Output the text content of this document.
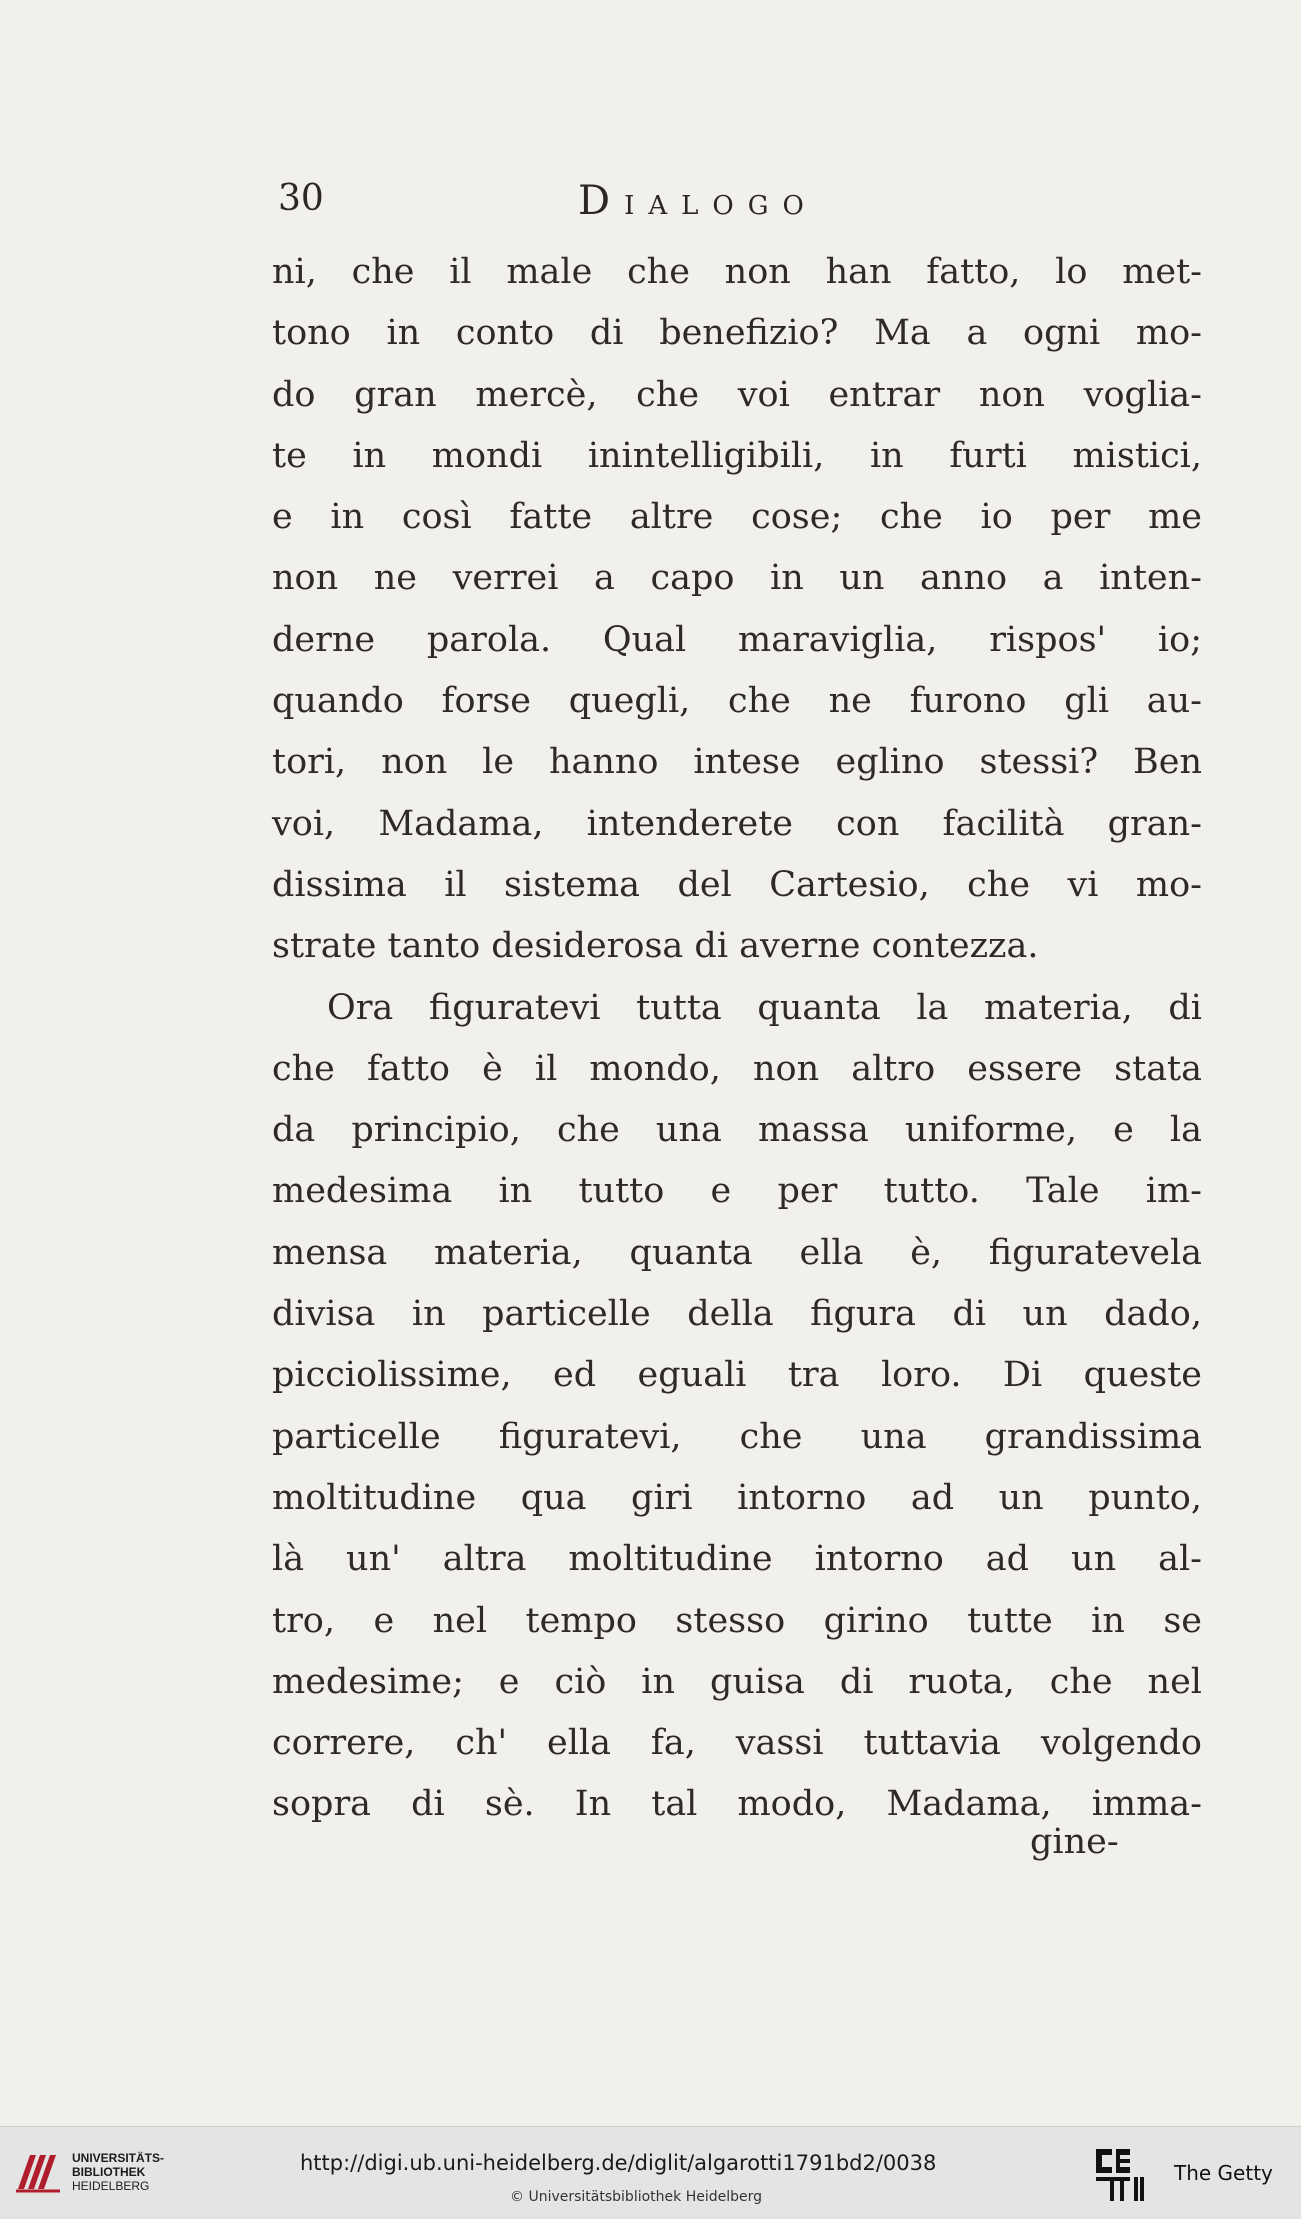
30	DIALOGO
ni, che il male che non han fatto, lo met-
tono in conto di benefizio? Ma a ogni mo-
do gran mercè, che voi entrar non voglia-
te in mondi inintelligibili, in furti mistici,
e in così fatte altre cose; che io per me
non ne verrei a capo in un anno a inten-
derne parola. Qual maraviglia, rispos' io;
quando forse quegli, che ne furono gli au-
tori, non le hanno intese eglino stessi? Ben
voi, Madama, intenderete con facilità gran-
dissima il sistema del Cartesio, che vi mo-
strate tanto desiderosa di averne contezza.
Ora figuratevi tutta quanta la materia, di
che fatto è il mondo, non altro essere stata
da principio, che una massa uniforme, e la
medesima in tutto e per tutto. Tale im-
mensa materia, quanta ella è, figuratevela
divisa in particelle della figura di un dado,
picciolissime, ed eguali tra loro. Di queste
particelle figuratevi, che una grandissima
moltitudine qua giri intorno ad un punto,
là un' altra moltitudine intorno ad un al-
tro, e nel tempo stesso girino tutte in se
medesime; e ciò in guisa di ruota, che nel
correre, ch' ella fa, vassi tuttavia volgendo
sopra di sè. In tal modo, Madama, imma-
gine-
UNIVERSITÄTS-
BIBLIOTHEK
HEIDELBERG
http://digi.ub.uni-heidelberg.de/diglit/algarotti1791bd2/0038
© Universitätsbibliothek Heidelberg
The Getty
